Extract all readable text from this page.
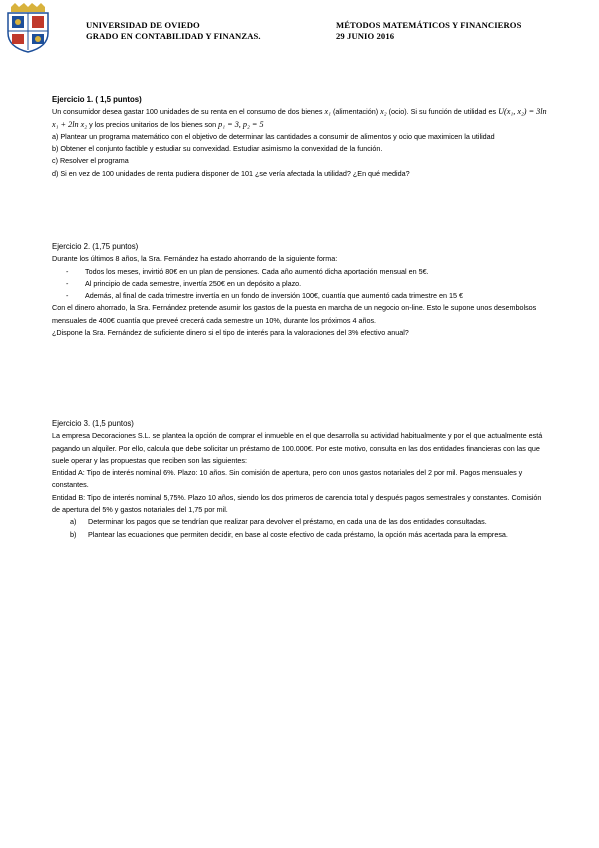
UNIVERSIDAD DE OVIEDO
GRADO EN CONTABILIDAD Y FINANZAS.
MÉTODOS MATEMÁTICOS Y FINANCIEROS
29 JUNIO 2016

Ejercicio 1. ( 1,5 puntos)

Un consumidor desea gastar 100 unidades de su renta en el consumo de dos bienes x₁ (alimentación) x₂ (ocio). Si su función de utilidad es U(x₁, x₂) = 3ln x₁ + 2ln x₂ y los precios unitarios de los bienes son p₁ = 3, p₂ = 5

a) Plantear un programa matemático con el objetivo de determinar las cantidades a consumir de alimentos y ocio que maximicen la utilidad

b) Obtener el conjunto factible y estudiar su convexidad. Estudiar asimismo la convexidad de la función.

c) Resolver el programa

d) Si en vez de 100 unidades de renta pudiera disponer de 101 ¿se vería afectada la utilidad? ¿En qué medida?

Ejercicio 2. (1,75 puntos)

Durante los últimos 8 años, la Sra. Fernández ha estado ahorrando de la siguiente forma:

- Todos los meses, invirtió 80€ en un plan de pensiones. Cada año aumentó dicha aportación mensual en 5€.
- Al principio de cada semestre, invertía 250€ en un depósito a plazo.
- Además, al final de cada trimestre invertía en un fondo de inversión 100€, cuantía que aumentó cada trimestre en 15 €

Con el dinero ahorrado, la Sra. Fernández pretende asumir los gastos de la puesta en marcha de un negocio on-line. Esto le supone unos desembolsos mensuales de 400€ cuantía que preveé crecerá cada semestre un 10%, durante los próximos 4 años.

¿Dispone la Sra. Fernández de suficiente dinero si el tipo de interés para la valoraciones del 3% efectivo anual?

Ejercicio 3. (1,5 puntos)

La empresa Decoraciones S.L. se plantea la opción de comprar el inmueble en el que desarrolla su actividad habitualmente y por el que actualmente está pagando un alquiler. Por ello, calcula que debe solicitar un préstamo de 100.000€. Por este motivo, consulta en las dos entidades financieras con las que suele operar y las propuestas que reciben son las siguientes:

Entidad A: Tipo de interés nominal 6%. Plazo: 10 años. Sin comisión de apertura, pero con unos gastos notariales del 2 por mil. Pagos mensuales y constantes.

Entidad B: Tipo de interés nominal 5,75%. Plazo 10 años, siendo los dos primeros de carencia total y después pagos semestrales y constantes. Comisión de apertura del 5% y gastos notariales del 1,75 por mil.

a) Determinar los pagos que se tendrían que realizar para devolver el préstamo, en cada una de las dos entidades consultadas.
b) Plantear las ecuaciones que permiten decidir, en base al coste efectivo de cada préstamo, la opción más acertada para la empresa.
